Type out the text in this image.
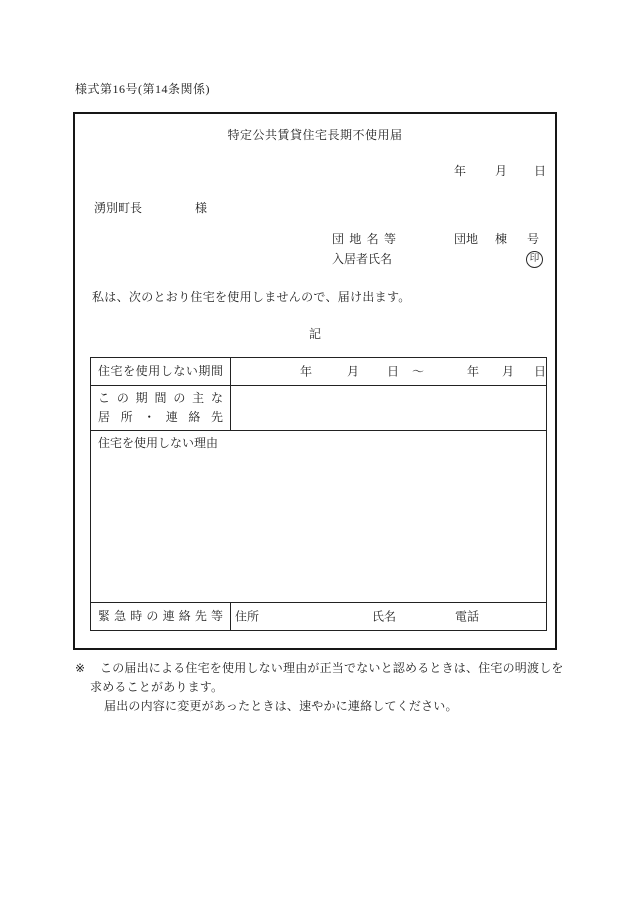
様式第16号(第14条関係)
特定公共賃貸住宅長期不使用届
年 月 日
湧別町長	様
団地名等	団地 棟 号
入居者氏名	印
私は、次のとおり住宅を使用しませんので、届け出ます。
記
住宅を使用しない期間	年	月 日 ～	年 月 日
この期間の主な
居所・連絡先
住宅を使用しない理由
緊急時の連絡先等 住所	氏名	電話
※ この届出による住宅を使用しない理由が正当でないと認めるときは、住宅の明渡しを
求めることがあります。
届出の内容に変更があったときは、速やかに連絡してください。
